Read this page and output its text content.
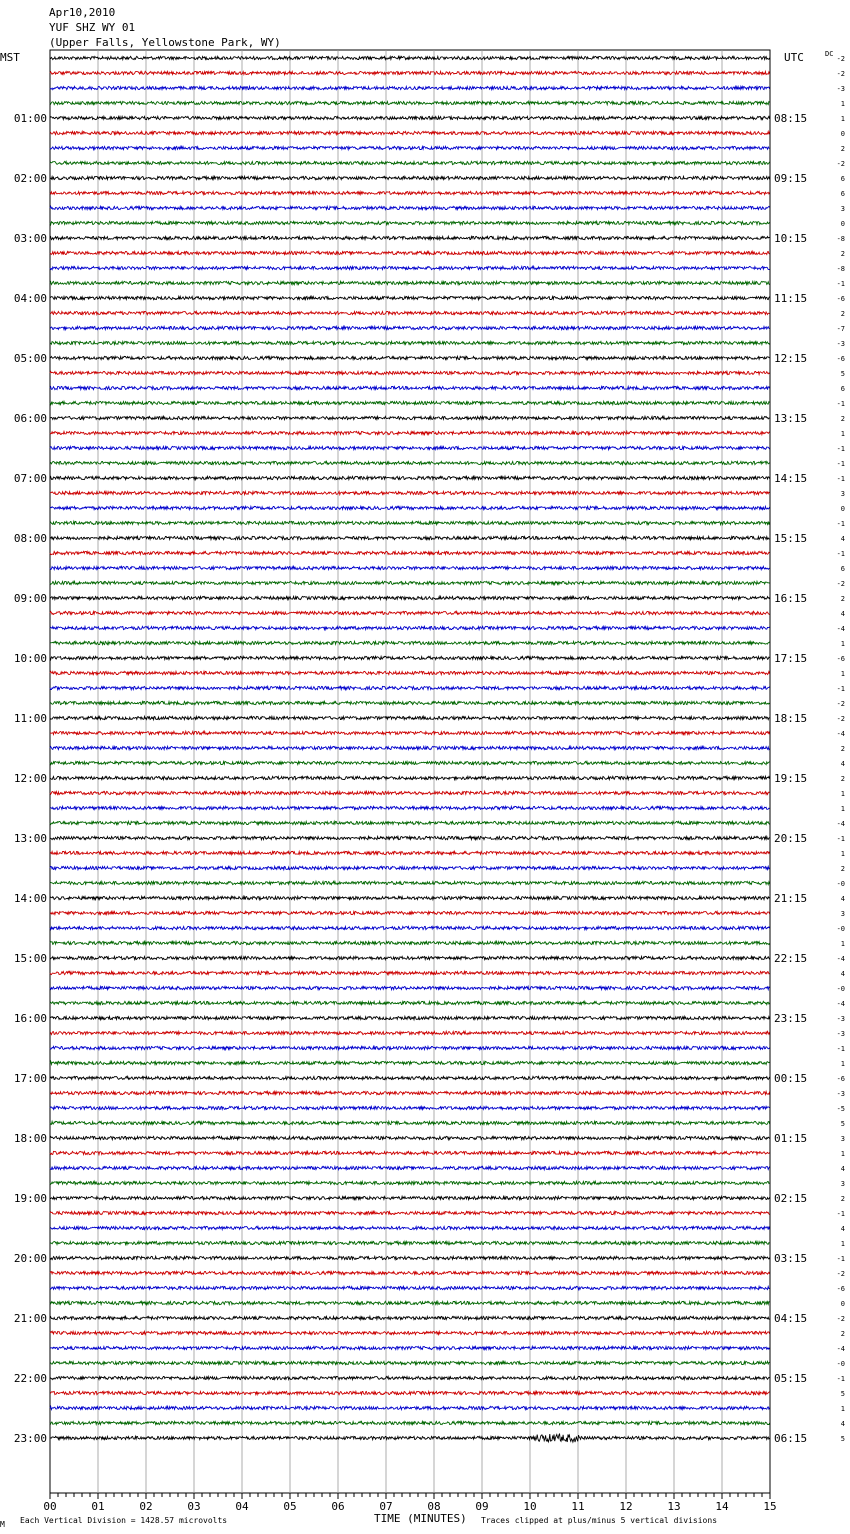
Apr10,2010
YUF SHZ WY 01
(Upper Falls, Yellowstone Park, WY)
MST	UTC	DC
01:00
02:00
03:00
04:00
05:00
06:00
07:00
08:00
09:00
10:00
11:00
12:00
13:00
14:00
15:00
16:00
17:00
18:00
19:00
20:00
21:00
22:00
23:00
08:15
09:15
10:15
11:15
12:15
13:15
14:15
15:15
16:15
17:15
18:15
19:15
20:15
21:15
22:15
23:15
00:15
01:15
02:15
03:15
04:15
05:15
06:15
-2
-2
-3
1
1
0
2
-2
6
6
3
0
-8
2
-8
-1
-6
2
-7
-3
-6
5
6
-1
2
1
-1
-1
-1
3
0
-1
4
-1
6
-2
2
4
-4
1
-6
1
-1
-2
-2
-4
2
4
2
1
1
-4
-1
1
2
-0
4
3
-0
1
-4
4
-0
-4
-3
-3
-1
1
-6
-3
-5
5
3
1
4
3
2
-1
4
1
-1
-2
-6
0
-2
2
-4
-0
-1
5
1
4
5
00	01	02	03	04	05	06	07	08	09	10	11	12	13	14	15
M Each Vertical Division = 1428.57 microvolts	TIME (MINUTES) Traces clipped at plus/minus 5 vertical divisions
